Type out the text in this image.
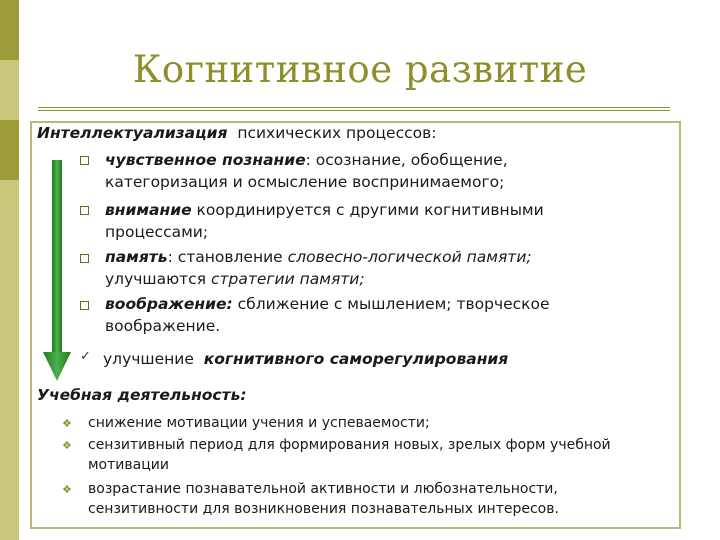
Когнитивное развитие
Интеллектуализация психических процессов:
чувственное познание: осознание, обобщение,
категоризация и осмысление воспринимаемого;
внимание координируется с другими когнитивными
процессами;
память: становление словесно-логической памяти;
улучшаются стратегии памяти;
воображение: сближение с мышлением; творческое
воображение.
✓ улучшение когнитивного саморегулирования
Учебная деятельность:
❖ снижение мотивации учения и успеваемости;
❖ сензитивный период для формирования новых, зрелых форм учебной
мотивации
❖ возрастание познавательной активности и любознательности,
сензитивности для возникновения познавательных интересов.
